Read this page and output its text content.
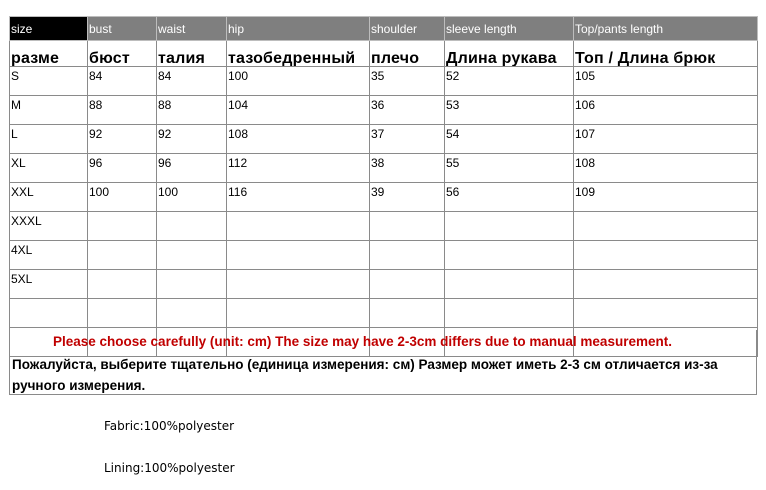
size	bust	waist	hip	shoulder	sleeve length	Top/pants length
разме	бюст	талия	тазобедренный	плечо	Длина рукава	Топ / Длина брюк
S	84	84	100	35	52	105
M	88	88	104	36	53	106
L	92	92	108	37	54	107
XL	96	96	112	38	55	108
XXL	100	100	116	39	56	109
XXXL						
4XL						
5XL						

Please choose carefully (unit: cm) The size may have 2-3cm differs due to manual measurement.
Пожалуйста, выберите тщательно (единица измерения: см) Размер может иметь 2-3 см отличается из-за ручного измерения.
Fabric:100%polyester
Lining:100%polyester
